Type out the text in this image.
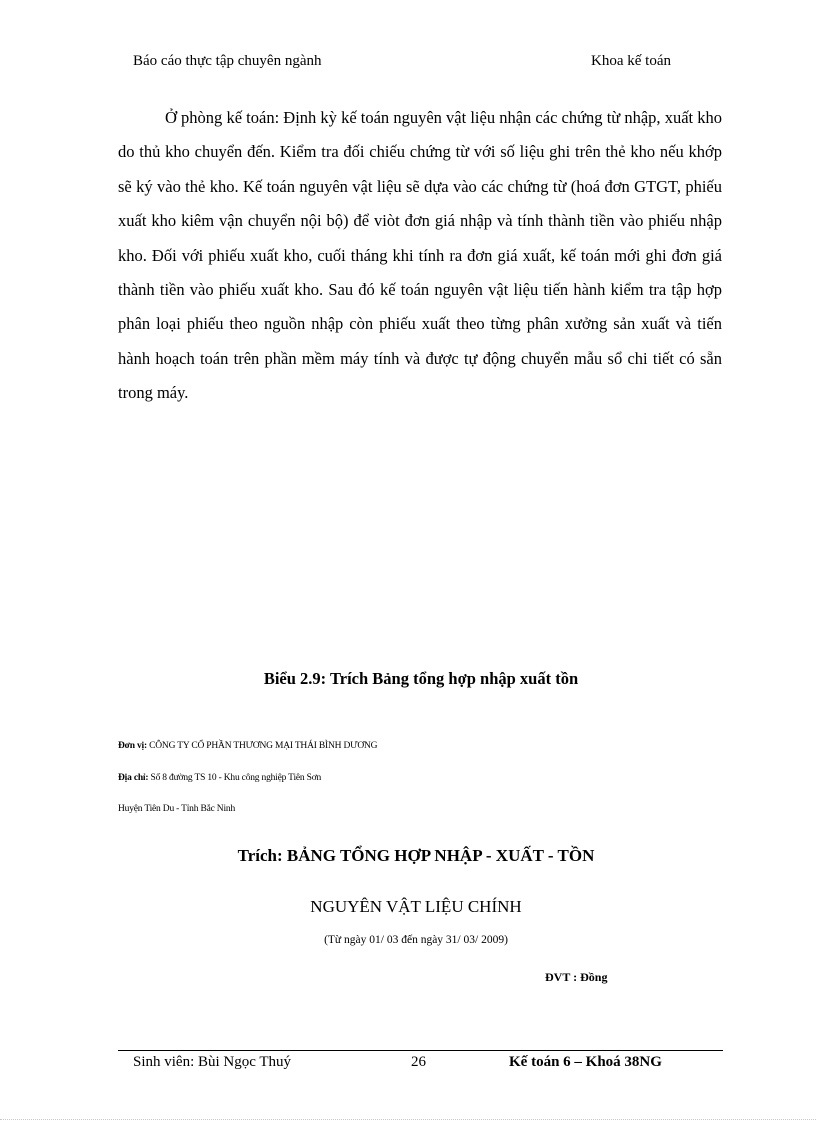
Báo cáo thực tập chuyên ngành	Khoa kế toán

Ở phòng kế toán: Định kỳ kế toán nguyên vật liệu nhận các chứng từ nhập, xuất kho do thủ kho chuyển đến. Kiểm tra đối chiếu chứng từ với số liệu ghi trên thẻ kho nếu khớp sẽ ký vào thẻ kho. Kế toán nguyên vật liệu sẽ dựa vào các chứng từ (hoá đơn GTGT, phiếu xuất kho kiêm vận chuyển nội bộ) để viòt đơn giá nhập và tính thành tiền vào phiếu nhập kho. Đối với phiếu xuất kho, cuối tháng khi tính ra đơn giá xuất, kế toán mới ghi đơn giá thành tiền vào phiếu xuất kho. Sau đó kế toán nguyên vật liệu tiến hành kiểm tra tập hợp phân loại phiếu theo nguồn nhập còn phiếu xuất theo từng phân xưởng sản xuất và tiến hành hoạch toán trên phần mềm máy tính và được tự động chuyển mẫu sổ chi tiết có sẵn trong máy.

Biểu 2.9: Trích Bảng tổng hợp nhập xuất tồn
Đơn vị: CÔNG TY CỔ PHẦN THƯƠNG MẠI THÁI BÌNH DƯƠNG
Địa chỉ: Số 8 đường TS 10 - Khu công nghiệp Tiên Sơn
Huyện Tiên Du - Tỉnh Bắc Ninh
Trích: BẢNG TỔNG HỢP NHẬP - XUẤT - TỒN
NGUYÊN VẬT LIỆU CHÍNH
(Từ ngày 01/ 03 đến ngày 31/ 03/ 2009)
ĐVT : Đồng
Sinh viên: Bùi Ngọc Thuý	26	Kế toán 6 – Khoá 38NG
